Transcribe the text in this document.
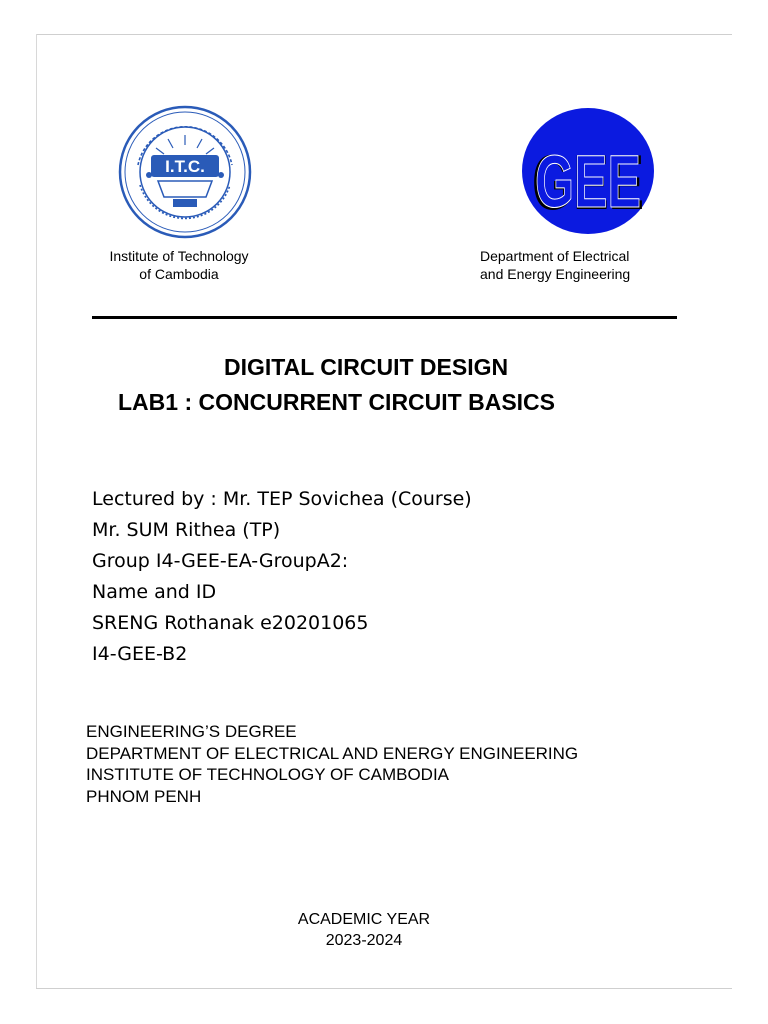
I.T.C.	GEE
GEE
Institute of Technology
of Cambodia
Department of Electrical
and Energy Engineering
DIGITAL CIRCUIT DESIGN
LAB1 : CONCURRENT CIRCUIT BASICS
Lectured by : Mr. TEP Sovichea (Course)
Mr. SUM Rithea (TP)
Group I4-GEE-EA-GroupA2:
Name and ID
SRENG Rothanak e20201065
I4-GEE-B2
ENGINEERING’S DEGREE
DEPARTMENT OF ELECTRICAL AND ENERGY ENGINEERING
INSTITUTE OF TECHNOLOGY OF CAMBODIA
PHNOM PENH
ACADEMIC YEAR
2023-2024
